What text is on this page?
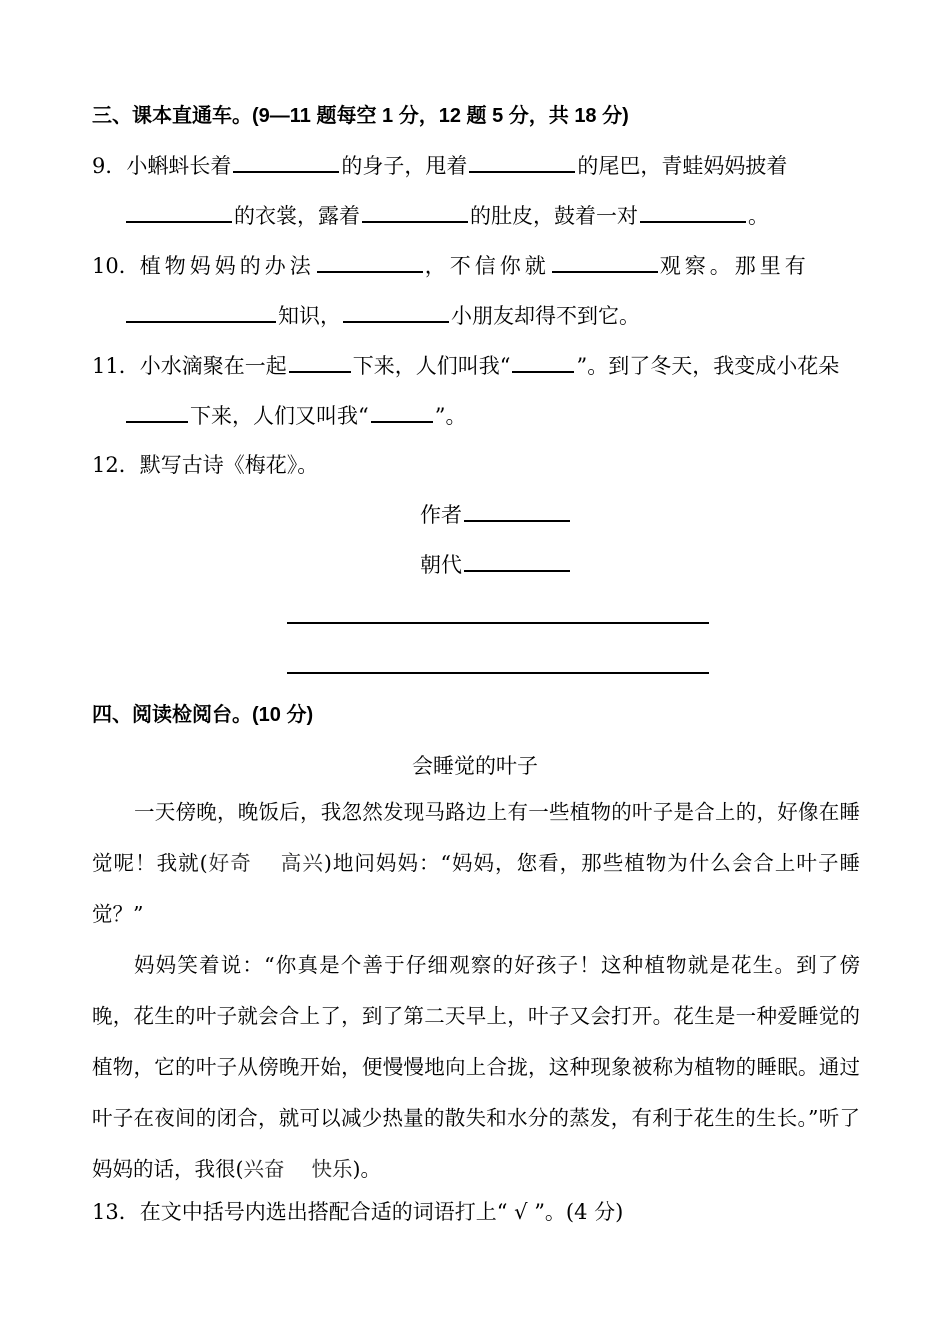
三、课本直通车。(9—11 题每空 1 分，12 题 5 分，共 18 分)
9．小蝌蚪长着	的身子，甩着	的尾巴，青蛙妈妈披着
的衣裳，露着	的肚皮，鼓着一对	。
10．植物妈妈的办法	，不信你就	观察。那里有
知识，	小朋友却得不到它。
11．小水滴聚在一起	下来，人们叫我“	”。到了冬天，我变成小花朵
下来，人们又叫我“	”。
12．默写古诗《梅花》。
作者
朝代
四、阅读检阅台。(10 分)
会睡觉的叶子

一天傍晚，晚饭后，我忽然发现马路边上有一些植物的叶子是合上的，好像在睡觉呢！我就(好奇　 高兴)地问妈妈：“妈妈，您看，那些植物为什么会合上叶子睡觉？”

妈妈笑着说：“你真是个善于仔细观察的好孩子！这种植物就是花生。到了傍晚，花生的叶子就会合上了，到了第二天早上，叶子又会打开。花生是一种爱睡觉的植物，它的叶子从傍晚开始，便慢慢地向上合拢，这种现象被称为植物的睡眠。通过叶子在夜间的闭合，就可以减少热量的散失和水分的蒸发，有利于花生的生长。”听了妈妈的话，我很(兴奋　 快乐)。

13．在文中括号内选出搭配合适的词语打上“ √ ”。(4 分)
